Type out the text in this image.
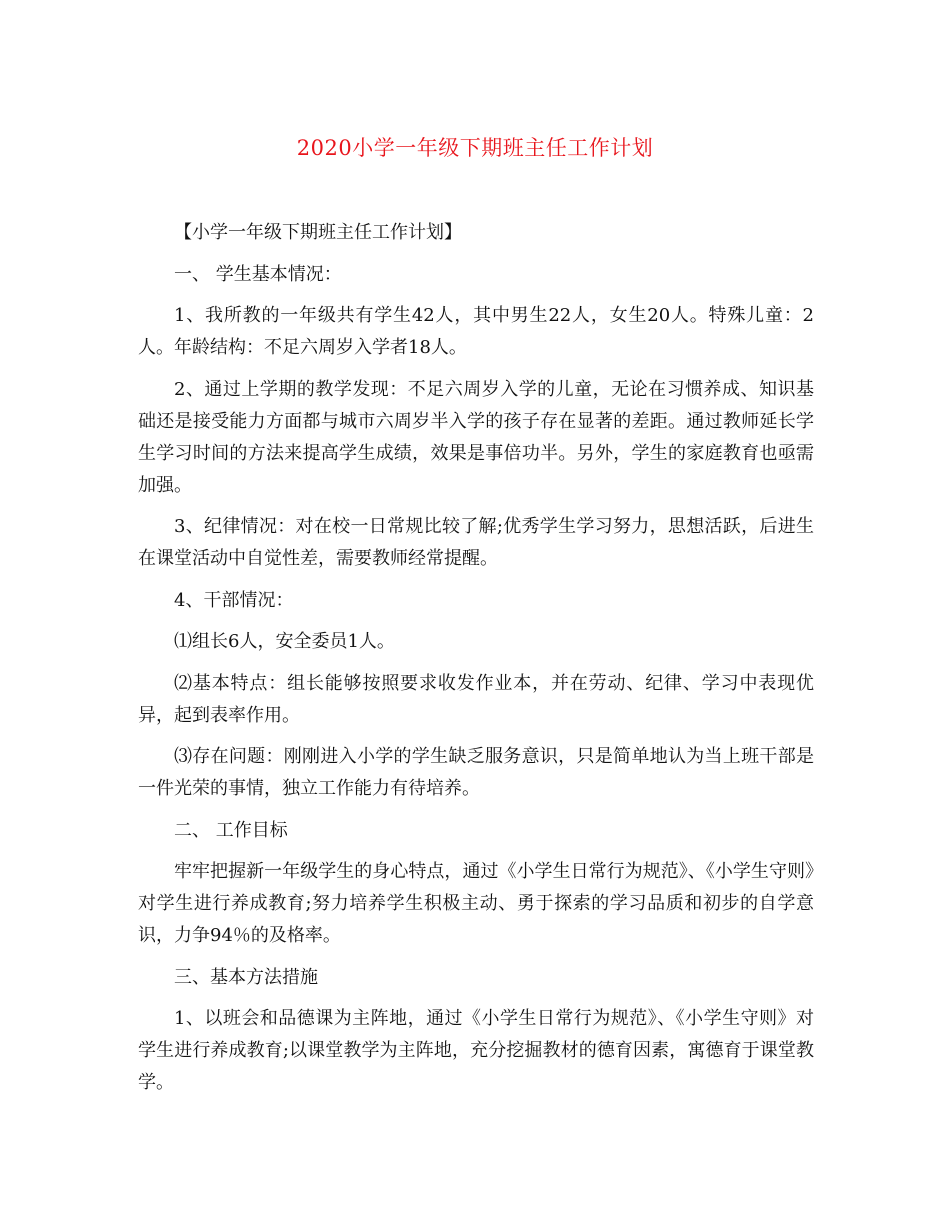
2020小学一年级下期班主任工作计划

【小学一年级下期班主任工作计划】

一、 学生基本情况：

1、我所教的一年级共有学生42人，其中男生22人，女生20人。特殊儿童：2人。年龄结构：不足六周岁入学者18人。

2、通过上学期的教学发现：不足六周岁入学的儿童，无论在习惯养成、知识基础还是接受能力方面都与城市六周岁半入学的孩子存在显著的差距。通过教师延长学生学习时间的方法来提高学生成绩，效果是事倍功半。另外，学生的家庭教育也亟需加强。

3、纪律情况：对在校一日常规比较了解;优秀学生学习努力，思想活跃，后进生在课堂活动中自觉性差，需要教师经常提醒。

4、干部情况：

⑴组长6人，安全委员1人。

⑵基本特点：组长能够按照要求收发作业本，并在劳动、纪律、学习中表现优异，起到表率作用。

⑶存在问题：刚刚进入小学的学生缺乏服务意识，只是简单地认为当上班干部是一件光荣的事情，独立工作能力有待培养。

二、 工作目标

牢牢把握新一年级学生的身心特点，通过《小学生日常行为规范》、《小学生守则》对学生进行养成教育;努力培养学生积极主动、勇于探索的学习品质和初步的自学意识，力争94％的及格率。

三、基本方法措施

1、以班会和品德课为主阵地，通过《小学生日常行为规范》、《小学生守则》对学生进行养成教育;以课堂教学为主阵地，充分挖掘教材的德育因素，寓德育于课堂教学。
